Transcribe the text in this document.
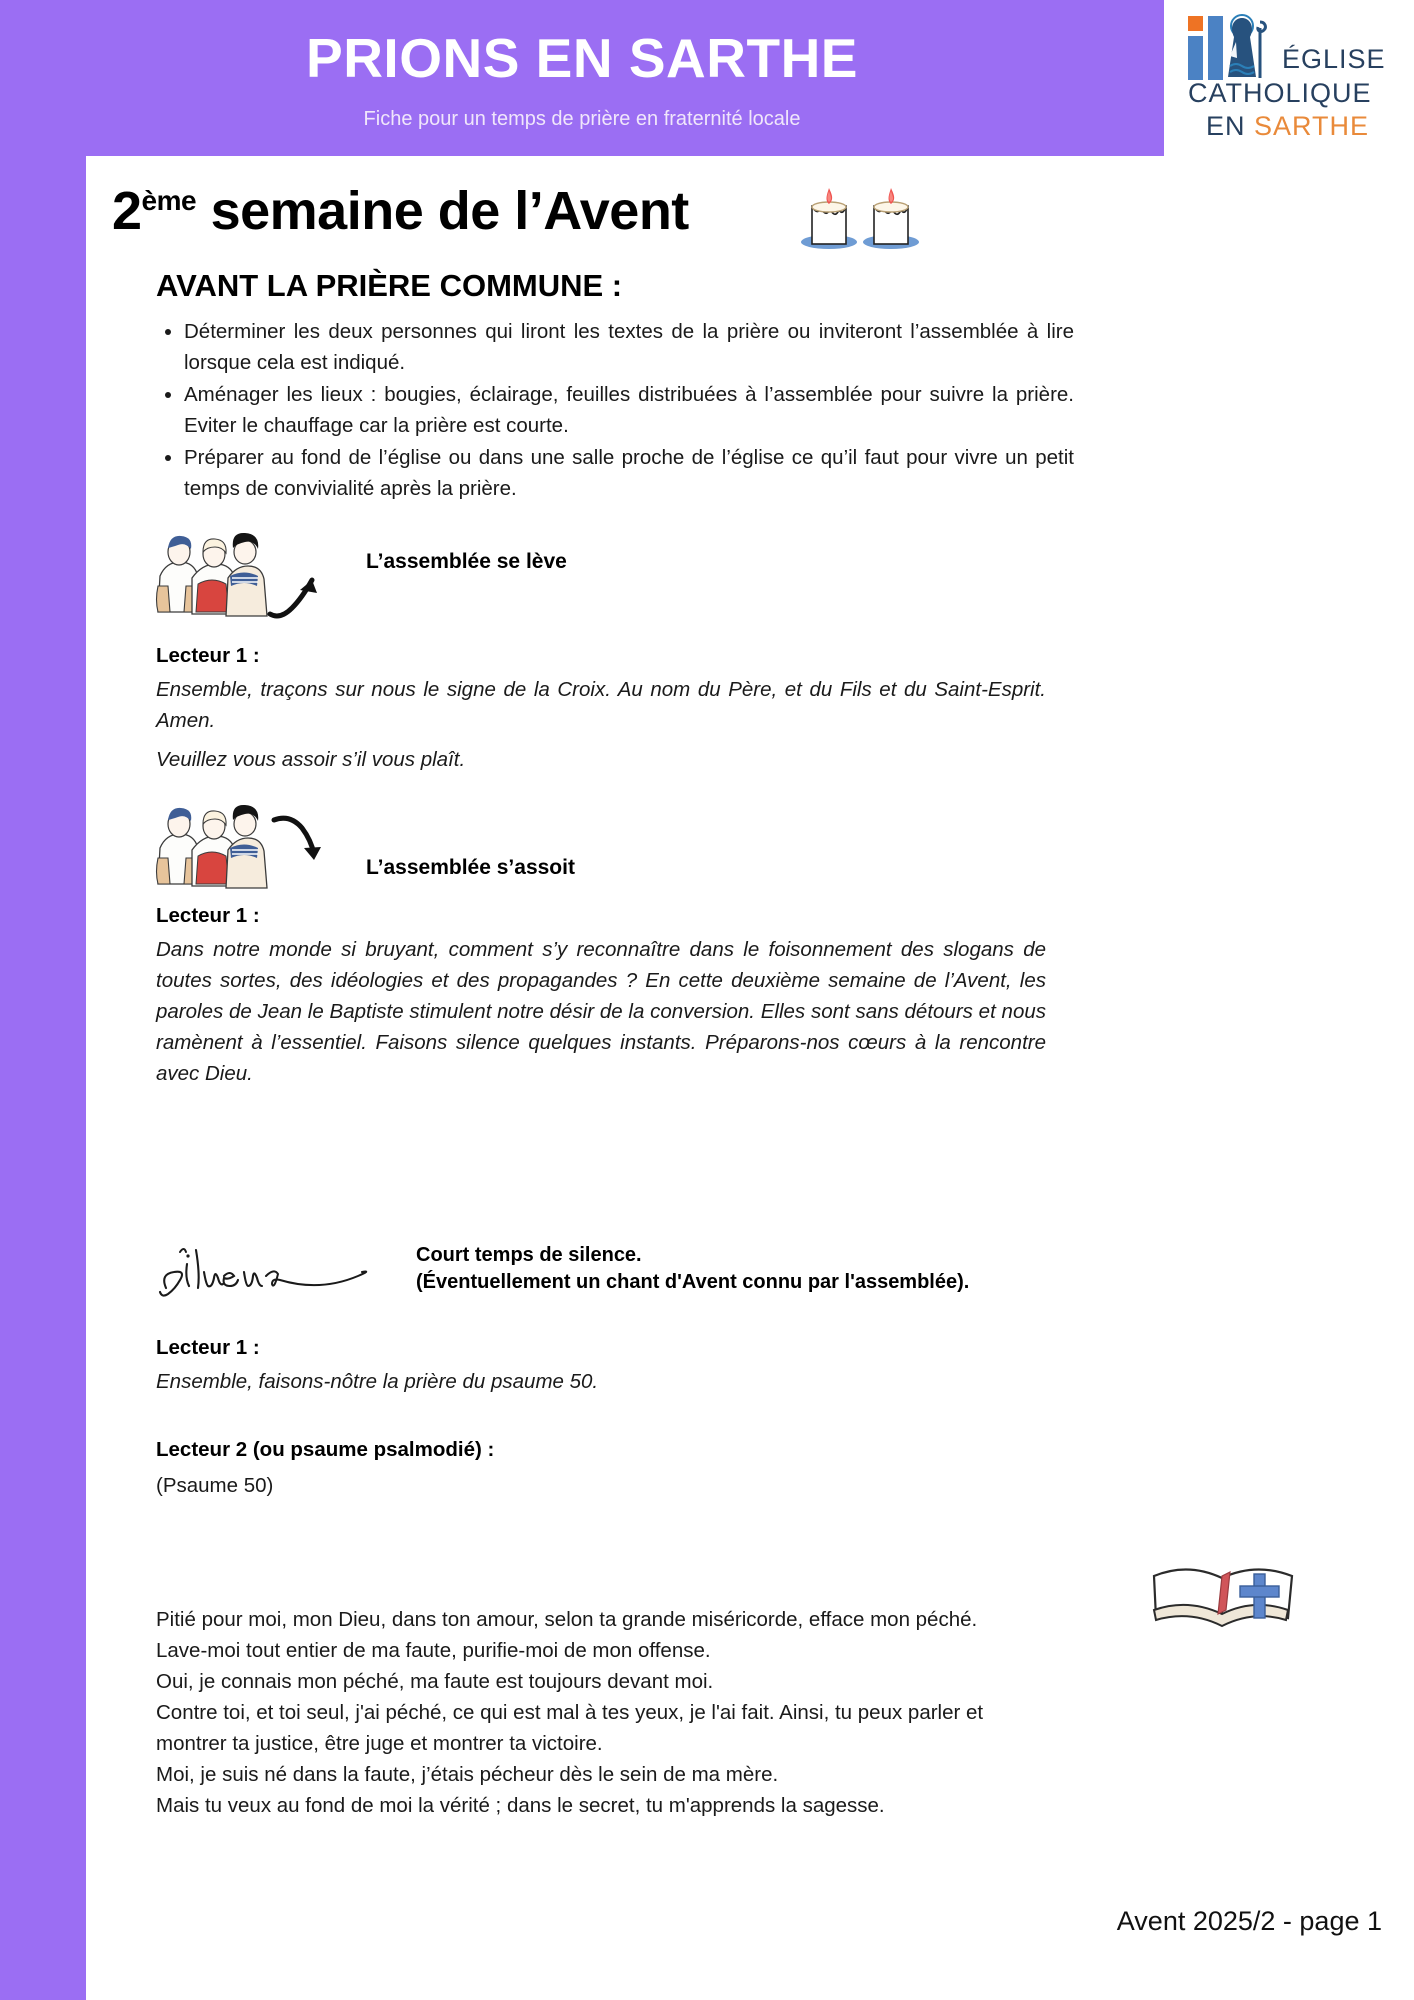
PRIONS EN SARTHE
Fiche pour un temps de prière en fraternité locale
ÉGLISE
CATHOLIQUE
EN SARTHE
2ème semaine de l’Avent
AVANT LA PRIÈRE COMMUNE :
• Déterminer les deux personnes qui liront les textes de la prière ou inviteront l’assemblée à lire lorsque cela est indiqué.
• Aménager les lieux : bougies, éclairage, feuilles distribuées à l’assemblée pour suivre la prière. Eviter le chauffage car la prière est courte.
• Préparer au fond de l’église ou dans une salle proche de l’église ce qu’il faut pour vivre un petit temps de convivialité après la prière.
L’assemblée se lève
Lecteur 1 :
Ensemble, traçons sur nous le signe de la Croix. Au nom du Père, et du Fils et du Saint-Esprit. Amen.
Veuillez vous assoir s’il vous plaît.
L’assemblée s’assoit
Lecteur 1 :
Dans notre monde si bruyant, comment s’y reconnaître dans le foisonnement des slogans de toutes sortes, des idéologies et des propagandes ? En cette deuxième semaine de l’Avent, les paroles de Jean le Baptiste stimulent notre désir de la conversion. Elles sont sans détours et nous ramènent à l’essentiel. Faisons silence quelques instants. Préparons-nos cœurs à la rencontre avec Dieu.
Court temps de silence.
(Éventuellement un chant d'Avent connu par l'assemblée).
Lecteur 1 :
Ensemble, faisons-nôtre la prière du psaume 50.
Lecteur 2 (ou psaume psalmodié) :
(Psaume 50)
Pitié pour moi, mon Dieu, dans ton amour, selon ta grande miséricorde, efface mon péché.
Lave-moi tout entier de ma faute, purifie-moi de mon offense.
Oui, je connais mon péché, ma faute est toujours devant moi.
Contre toi, et toi seul, j'ai péché, ce qui est mal à tes yeux, je l'ai fait. Ainsi, tu peux parler et montrer ta justice, être juge et montrer ta victoire.
Moi, je suis né dans la faute, j’étais pécheur dès le sein de ma mère.
Mais tu veux au fond de moi la vérité ; dans le secret, tu m'apprends la sagesse.
Avent 2025/2 - page 1
